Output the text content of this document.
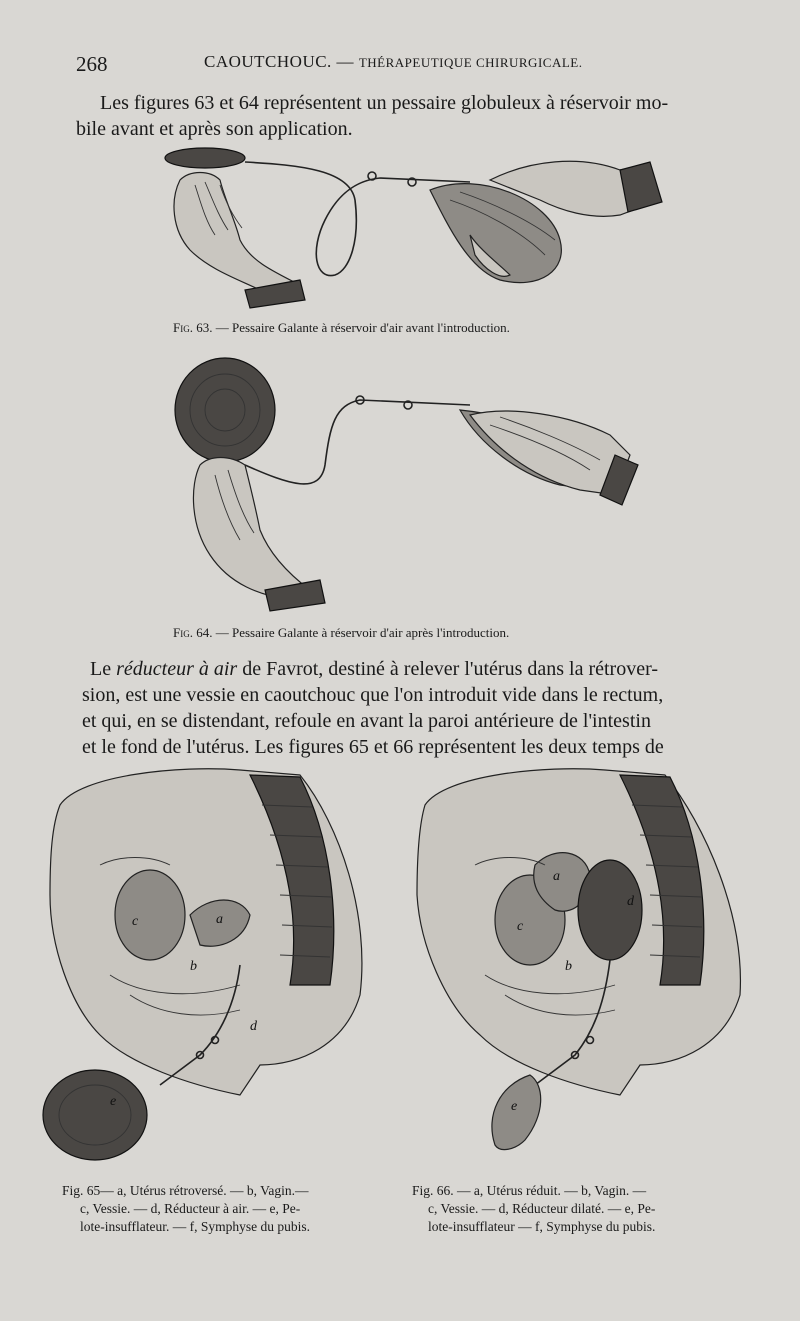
268	CAOUTCHOUC. — THÉRAPEUTIQUE CHIRURGICALE.
Les figures 63 et 64 représentent un pessaire globuleux à réservoir mo-
bile avant et après son application.
Fig. 63. — Pessaire Galante à réservoir d'air avant l'introduction.
Fig. 64. — Pessaire Galante à réservoir d'air après l'introduction.
Le réducteur à air de Favrot, destiné à relever l'utérus dans la rétrover-
sion, est une vessie en caoutchouc que l'on introduit vide dans le rectum,
et qui, en se distendant, refoule en avant la paroi antérieure de l'intestin
et le fond de l'utérus. Les figures 65 et 66 représentent les deux temps de
c	a
b
d
e
c
a
b
d
e
Fig. 65— a, Utérus rétroversé. — b, Vagin.—
c, Vessie. — d, Réducteur à air. — e, Pe-
lote-insufflateur. — f, Symphyse du pubis.
Fig. 66. — a, Utérus réduit. — b, Vagin. —
c, Vessie. — d, Réducteur dilaté. — e, Pe-
lote-insufflateur — f, Symphyse du pubis.
